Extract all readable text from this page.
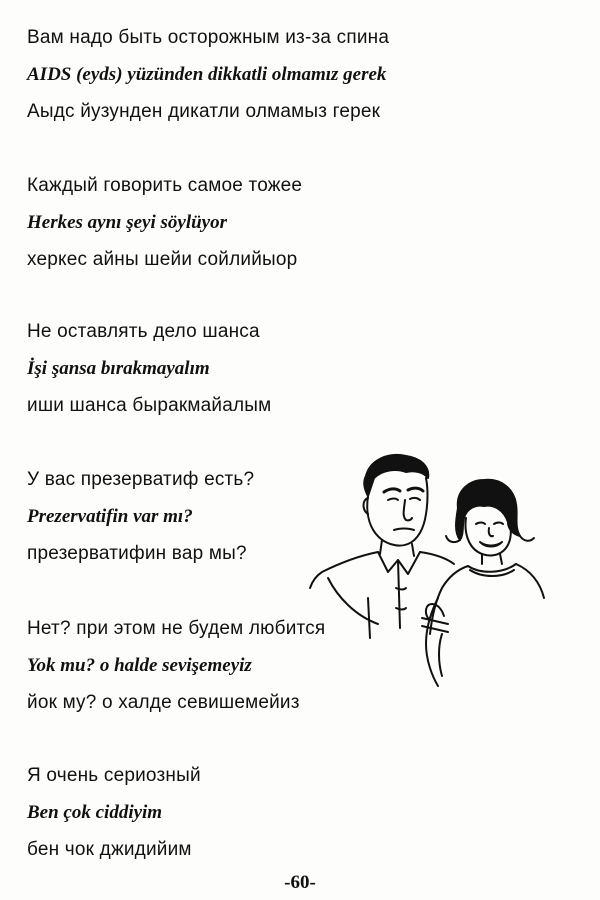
Вам надо быть осторожным из-за спина
AIDS (eyds) yüzünden dikkatli olmamız gerek
Аыдс йузунден дикатли олмамыз герек
Каждый говорить самое тожее
Herkes aynı şeyi söylüyor
херкес айны шейи сойлийыор
Не оставлять дело шанса
İşi şansa bırakmayalım
иши шанса быракмайалым
У вас презерватиф есть?
Prezervatifin var mı?
презерватифин вар мы?
Нет? при этом не будем любится
Yok mu? o halde sevişemeyiz
йок му? о халде севишемейиз
Я очень сериозный
Ben çok ciddiyim
бен чок джидийим
-60-
